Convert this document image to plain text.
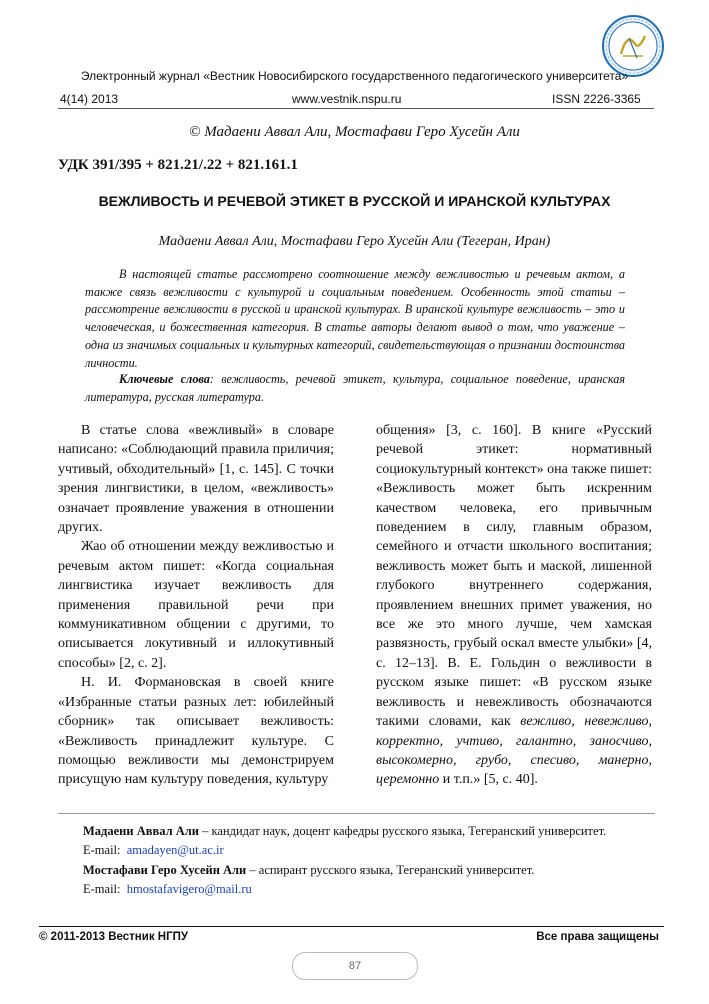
Электронный журнал «Вестник Новосибирского государственного педагогического университета»
4(14) 2013	www.vestnik.nspu.ru	ISSN 2226-3365
© Мадаени Аввал Али, Мостафави Геро Хусейн Али
УДК 391/395 + 821.21/.22 + 821.161.1
ВЕЖЛИВОСТЬ И РЕЧЕВОЙ ЭТИКЕТ В РУССКОЙ И ИРАНСКОЙ КУЛЬТУРАХ
Мадаени Аввал Али, Мостафави Геро Хусейн Али (Тегеран, Иран)

В настоящей статье рассмотрено соотношение между вежливостью и речевым актом, а также связь вежливости с культурой и социальным поведением. Особенность этой статьи – рассмотрение вежливости в русской и иранской культурах. В иранской культуре вежливость – это и человеческая, и божественная категория. В статье авторы делают вывод о том, что уважение – одна из значимых социальных и культурных категорий, свидетельствующая о признании достоинства личности.

Ключевые слова: вежливость, речевой этикет, культура, социальное поведение, иранская литература, русская литература.

В статье слова «вежливый» в словаре написано: «Соблюдающий правила приличия; учтивый, обходительный» [1, с. 145]. С точки зрения лингвистики, в целом, «вежливость» означает проявление уважения в отношении других.

Жао об отношении между вежливостью и речевым актом пишет: «Когда социальная лингвистика изучает вежливость для применения правильной речи при коммуникативном общении с другими, то описывается локутивный и иллокутивный способы» [2, с. 2].

Н. И. Формановская в своей книге «Избранные статьи разных лет: юбилейный сборник» так описывает вежливость: «Вежливость принадлежит культуре. С помощью вежливости мы демонстрируем присущую нам культуру поведения, культуру

общения» [3, с. 160]. В книге «Русский речевой этикет: нормативный социокультурный контекст» она также пишет: «Вежливость может быть искренним качеством человека, его привычным поведением в силу, главным образом, семейного и отчасти школьного воспитания; вежливость может быть и маской, лишенной глубокого внутреннего содержания, проявлением внешних примет уважения, но все же это много лучше, чем хамская развязность, грубый оскал вместе улыбки» [4, с. 12–13]. В. Е. Гольдин о вежливости в русском языке пишет: «В русском языке вежливость и невежливость обозначаются такими словами, как вежливо, невежливо, корректно, учтиво, галантно, заносчиво, высокомерно, грубо, спесиво, манерно, церемонно и т.п.» [5, с. 40].

Мадаени Аввал Али – кандидат наук, доцент кафедры русского языка, Тегеранский университет.

E-mail: amadayen@ut.ac.ir

Мостафави Геро Хусейн Али – аспирант русского языка, Тегеранский университет.

E-mail: hmostafavigero@mail.ru

© 2011-2013 Вестник НГПУ	Все права защищены
87
